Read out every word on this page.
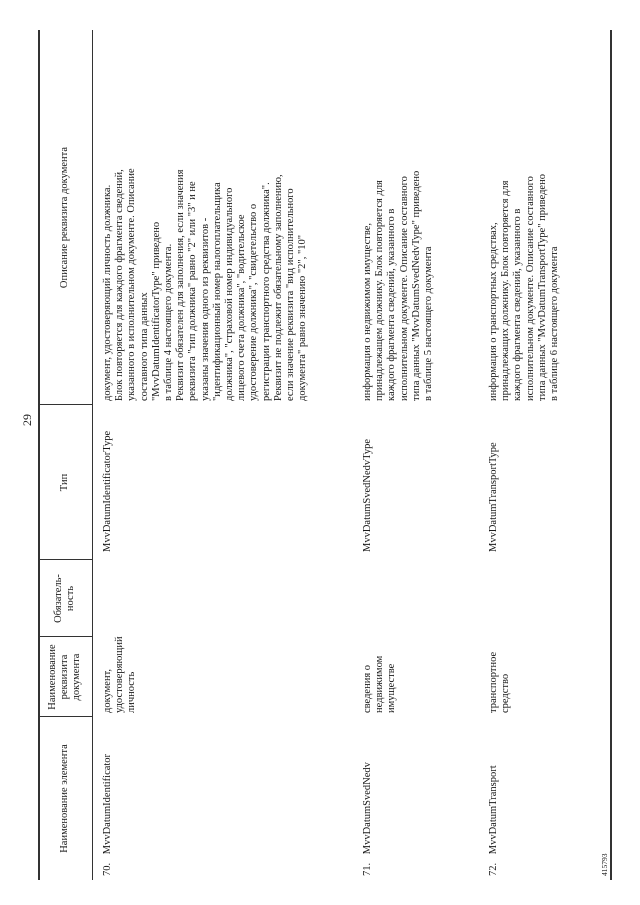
29
Наименование элемента
Наименование
реквизита
документа
Обязатель-
ность
Тип
Описание реквизита документа
70. MvvDatumIdentificator
документ,
удостоверяющий
личность
MvvDatumIdentificatorType
документ, удостоверяющий личность должника.
Блок повторяется для каждого фрагмента сведений,
указанного в исполнительном документе. Описание
составного типа данных
"MvvDatumIdentificatorType" приведено
в таблице 4 настоящего документа.
Реквизит обязателен для заполнения, если значения
реквизита "тип должника" равно "2" или "3" и не
указаны значения одного из реквизитов -
"идентификационный номер налогоплательщика
должника", "страховой номер индивидуального
лицевого счета должника", "водительское
удостоверение должника", "свидетельство о
регистрации транспортного средства должника".
Реквизит не подлежит обязательному заполнению,
если значение реквизита "вид исполнительного
документа" равно значению "2", "10"
71. MvvDatumSvedNedv
сведения о
недвижимом
имуществе
MvvDatumSvedNedvType
информация о недвижимом имуществе,
принадлежащем должнику. Блок повторяется для
каждого фрагмента сведений, указанного в
исполнительном документе. Описание составного
типа данных "MvvDatumSvedNedvType" приведено
в таблице 5 настоящего документа
72. MvvDatumTransport
транспортное
средство
MvvDatumTransportType
информация о транспортных средствах,
принадлежащих должнику. Блок повторяется для
каждого фрагмента сведений, указанного в
исполнительном документе. Описание составного
типа данных "MvvDatumTransportType" приведено
в таблице 6 настоящего документа
415793
